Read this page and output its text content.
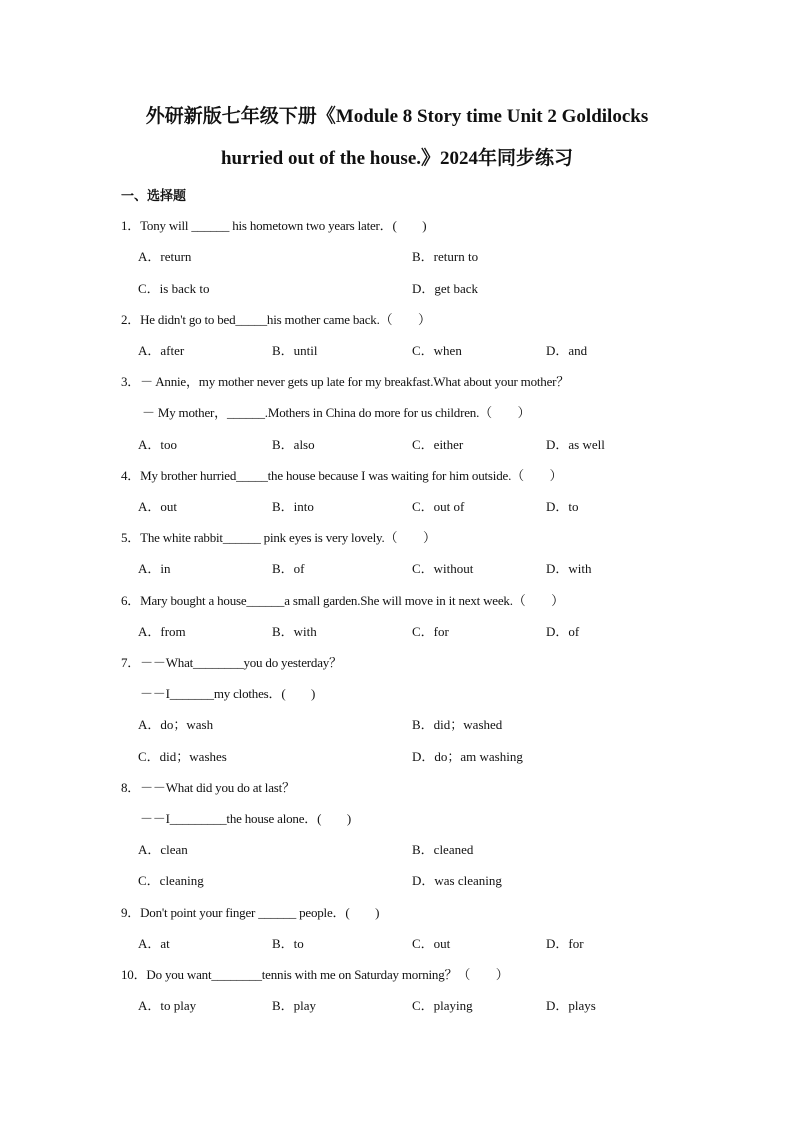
外研新版七年级下册《Module 8 Story time Unit 2 Goldilocks
hurried out of the house.》2024年同步练习
一、选择题
1．Tony will ______ his hometown two years later．(　　)
A．return	B．return to
C．is back to	D．get back
2．He didn't go to bed_____his mother came back.（　　）
A．after	B．until	C．when	D．and
3．－ Annie，my mother never gets up late for my breakfast.What about your mother？
－ My mother，______.Mothers in China do more for us children.（　　）
A．too	B．also	C．either	D．as well
4．My brother hurried_____the house because I was waiting for him outside.（　　）
A．out	B．into	C．out of	D．to
5．The white rabbit______ pink eyes is very lovely.（　　）
A．in	B．of	C．without	D．with
6．Mary bought a house______a small garden.She will move in it next week.（　　）
A．from	B．with	C．for	D．of
7．－－What________you do yesterday？
－－I_______my clothes．(　　)
A．do；wash	B．did；washed
C．did；washes	D．do；am washing
8．－－What did you do at last？
－－I_________the house alone．(　　)
A．clean	B．cleaned
C．cleaning	D．was cleaning
9．Don't point your finger ______ people．(　　)
A．at	B．to	C．out	D．for
10．Do you want________tennis with me on Saturday morning？（　　）
A．to play	B．play	C．playing	D．plays
